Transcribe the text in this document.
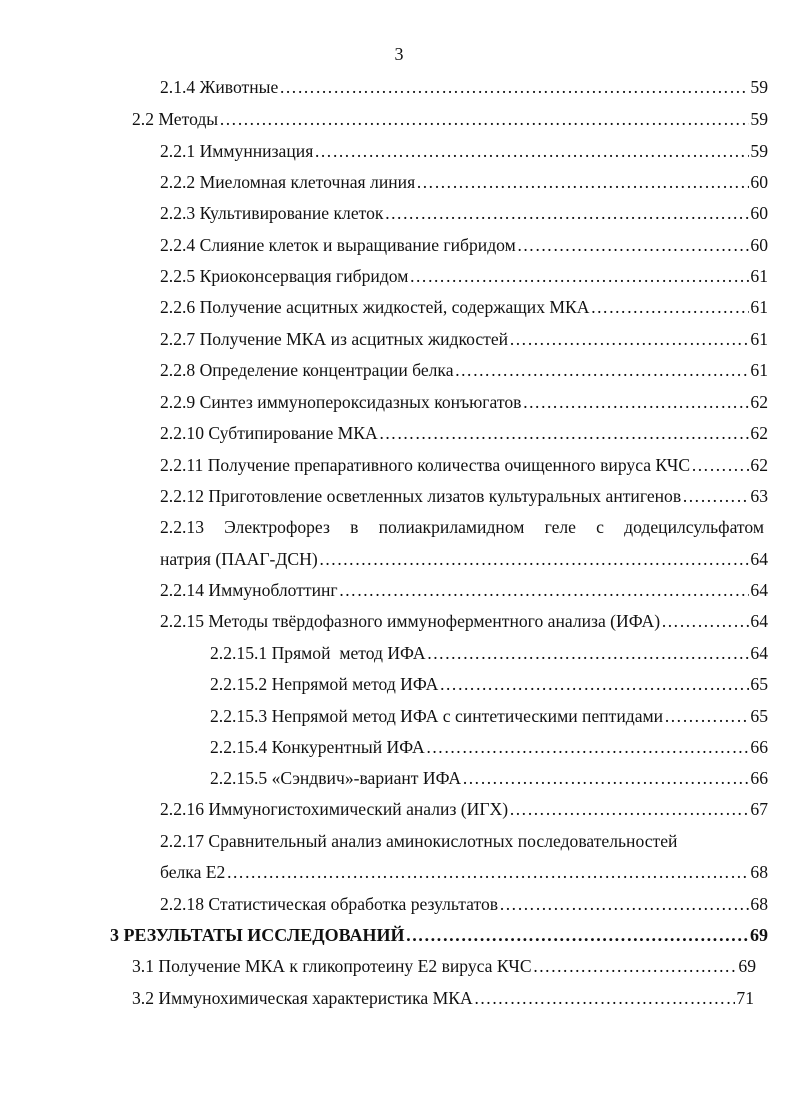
3
2.1.4 Животные ……………………………………………………………………………………………………………………………………………………………………	59
2.2 Методы ……………………………………………………………………………………………………………………………………………………………………	59
2.2.1 Иммуннизация ……………………………………………………………………………………………………………………………………………………………………	59
2.2.2 Миеломная клеточная линия ……………………………………………………………………………………………………………………………………………………………………	60
2.2.3 Культивирование клеток ……………………………………………………………………………………………………………………………………………………………………	60
2.2.4 Слияние клеток и выращивание гибридом ……………………………………………………………………………………………………………………………………………………………………	60
2.2.5 Криоконсервация гибридом ……………………………………………………………………………………………………………………………………………………………………	61
2.2.6 Получение асцитных жидкостей, содержащих МКА ……………………………………………………………………………………………………………………………………………………………………	61
2.2.7 Получение МКА из асцитных жидкостей ……………………………………………………………………………………………………………………………………………………………………	61
2.2.8 Определение концентрации белка ……………………………………………………………………………………………………………………………………………………………………	61
2.2.9 Синтез иммунопероксидазных конъюгатов ……………………………………………………………………………………………………………………………………………………………………	62
2.2.10 Субтипирование МКА ……………………………………………………………………………………………………………………………………………………………………	62
2.2.11 Получение препаративного количества очищенного вируса КЧС ……………………………………………………………………………………………………………………………………………………………………	62
2.2.12 Приготовление осветленных лизатов культуральных антигенов ……………………………………………………………………………………………………………………………………………………………………	63
2.2.13 Электрофорез в полиакриламидном геле с додецилсульфатом
натрия (ПААГ-ДСН) ……………………………………………………………………………………………………………………………………………………………………	64
2.2.14 Иммуноблоттинг ……………………………………………………………………………………………………………………………………………………………………	64
2.2.15 Методы твёрдофазного иммуноферментного анализа (ИФА) ……………………………………………………………………………………………………………………………………………………………………	64
2.2.15.1 Прямой  метод ИФА ……………………………………………………………………………………………………………………………………………………………………	64
2.2.15.2 Непрямой метод ИФА ……………………………………………………………………………………………………………………………………………………………………	65
2.2.15.3 Непрямой метод ИФА с синтетическими пептидами ……………………………………………………………………………………………………………………………………………………………………	65
2.2.15.4 Конкурентный ИФА ……………………………………………………………………………………………………………………………………………………………………	66
2.2.15.5 «Сэндвич»-вариант ИФА ……………………………………………………………………………………………………………………………………………………………………	66
2.2.16 Иммуногистохимический анализ (ИГХ) ……………………………………………………………………………………………………………………………………………………………………	67
2.2.17 Сравнительный анализ аминокислотных последовательностей
белка Е2 ……………………………………………………………………………………………………………………………………………………………………	68
2.2.18 Статистическая обработка результатов ……………………………………………………………………………………………………………………………………………………………………	68
3 РЕЗУЛЬТАТЫ ИССЛЕДОВАНИЙ ……………………………………………………………………………………………………………………………………………………………………	69
3.1 Получение МКА к гликопротеину Е2 вируса КЧС ……………………………………………………………………………………………………………………………………………………………………	69
3.2 Иммунохимическая характеристика МКА ……………………………………………………………………………………………………………………………………………………………………	71
